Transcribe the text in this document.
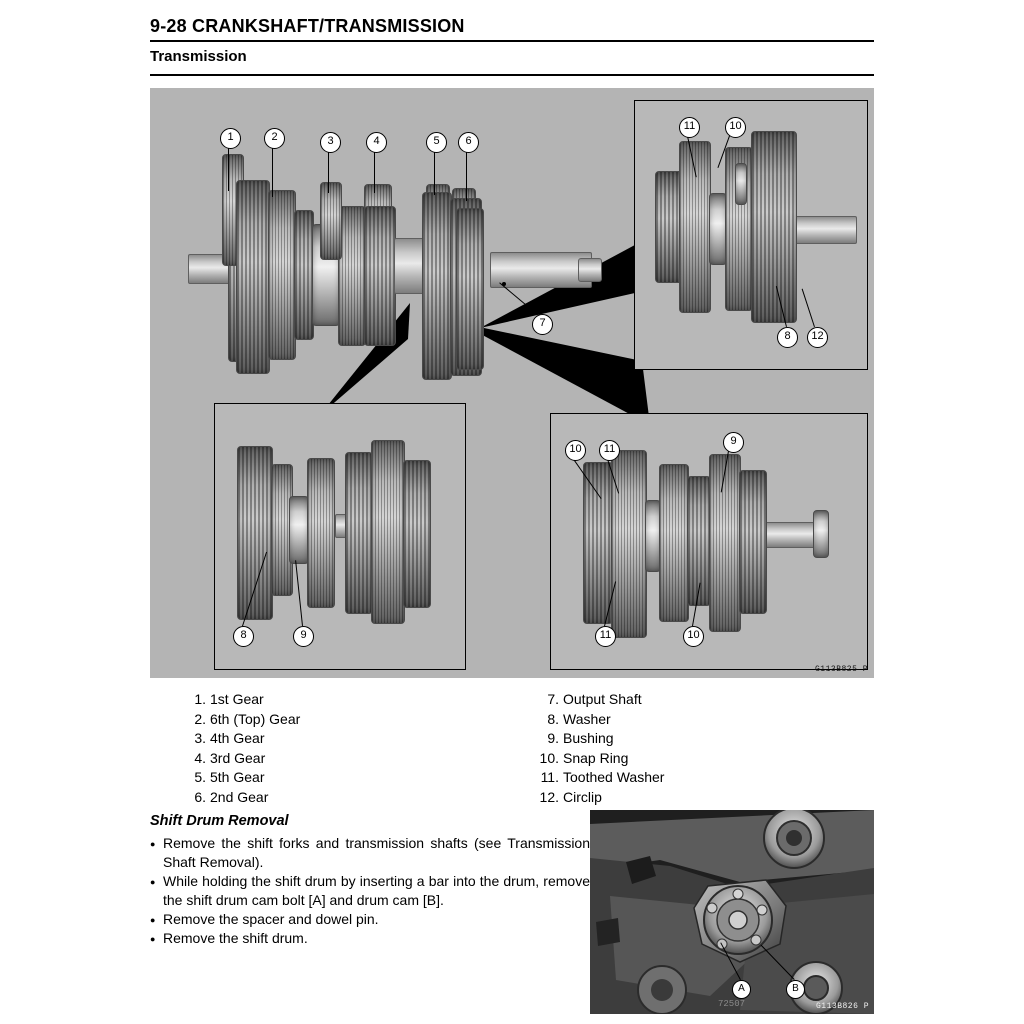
9-28 CRANKSHAFT/TRANSMISSION
Transmission
1	2	3	4	5	6
7
11	10
8	12
8	9
10	11
9
11	10
G113B825 P
1. 1st Gear
2. 6th (Top) Gear
3. 4th Gear
4. 3rd Gear
5. 5th Gear
6. 2nd Gear
7. Output Shaft
8. Washer
9. Bushing
10. Snap Ring
11. Toothed Washer
12. Circlip
Shift Drum Removal
● Remove the shift forks and transmission shafts (see Transmission Shaft Removal).
● While holding the shift drum by inserting a bar into the drum, remove the shift drum cam bolt [A] and drum cam [B].
● Remove the spacer and dowel pin.
● Remove the shift drum.
72507
A	B
G113B826 P
